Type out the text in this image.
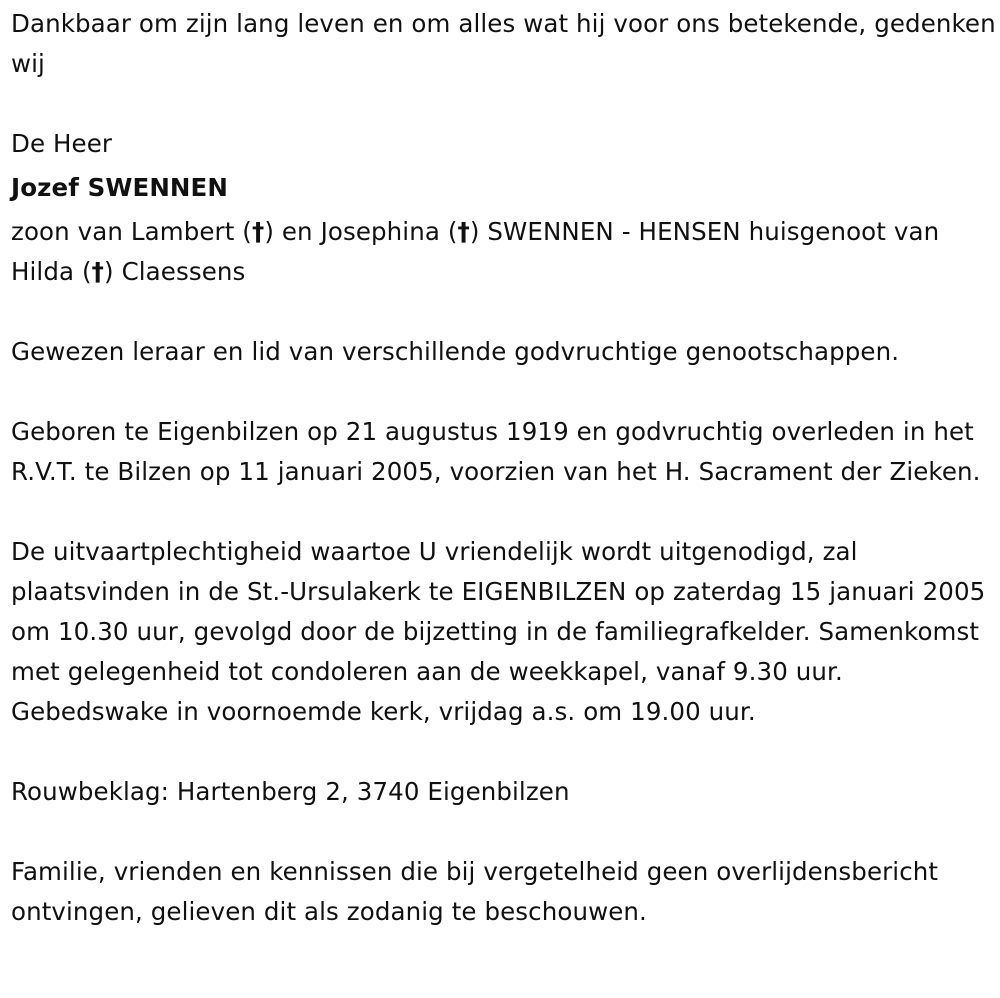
Dankbaar om zijn lang leven en om alles wat hij voor ons betekende, gedenken wij

De Heer

Jozef SWENNEN

zoon van Lambert (†) en Josephina (†) SWENNEN - HENSEN huisgenoot van Hilda (†) Claessens

Gewezen leraar en lid van verschillende godvruchtige genootschappen.

Geboren te Eigenbilzen op 21 augustus 1919 en godvruchtig overleden in het R.V.T. te Bilzen op 11 januari 2005, voorzien van het H. Sacrament der Zieken.

De uitvaartplechtigheid waartoe U vriendelijk wordt uitgenodigd, zal plaatsvinden in de St.-Ursulakerk te EIGENBILZEN op zaterdag 15 januari 2005 om 10.30 uur, gevolgd door de bijzetting in de familiegrafkelder. Samenkomst met gelegenheid tot condoleren aan de weekkapel, vanaf 9.30 uur. Gebedswake in voornoemde kerk, vrijdag a.s. om 19.00 uur.

Rouwbeklag: Hartenberg 2, 3740 Eigenbilzen

Familie, vrienden en kennissen die bij vergetelheid geen overlijdensbericht ontvingen, gelieven dit als zodanig te beschouwen.
